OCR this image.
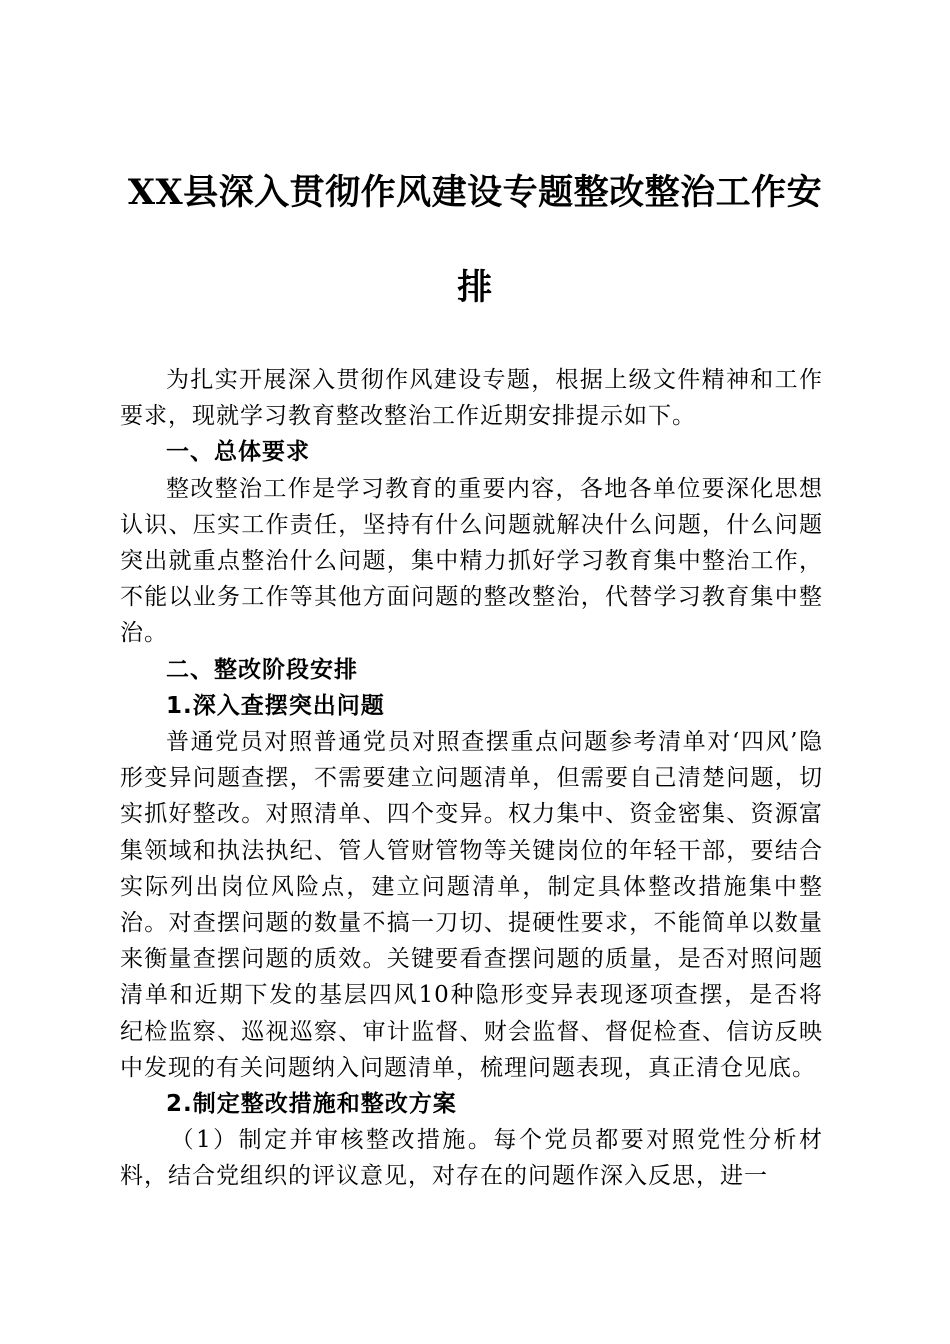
XX县深入贯彻作风建设专题整改整治工作安
排

为扎实开展深入贯彻作风建设专题，根据上级文件精神和工作要求，现就学习教育整改整治工作近期安排提示如下。

一、总体要求

整改整治工作是学习教育的重要内容，各地各单位要深化思想认识、压实工作责任，坚持有什么问题就解决什么问题，什么问题突出就重点整治什么问题，集中精力抓好学习教育集中整治工作，不能以业务工作等其他方面问题的整改整治，代替学习教育集中整治。

二、整改阶段安排

1.深入查摆突出问题

普通党员对照普通党员对照查摆重点问题参考清单对‘四风’隐形变异问题查摆，不需要建立问题清单，但需要自己清楚问题，切实抓好整改。对照清单、四个变异。权力集中、资金密集、资源富集领域和执法执纪、管人管财管物等关键岗位的年轻干部，要结合实际列出岗位风险点，建立问题清单，制定具体整改措施集中整治。对查摆问题的数量不搞一刀切、提硬性要求，不能简单以数量来衡量查摆问题的质效。关键要看查摆问题的质量，是否对照问题清单和近期下发的基层四风10种隐形变异表现逐项查摆，是否将纪检监察、巡视巡察、审计监督、财会监督、督促检查、信访反映中发现的有关问题纳入问题清单，梳理问题表现，真正清仓见底。

2.制定整改措施和整改方案

（1）制定并审核整改措施。每个党员都要对照党性分析材料，结合党组织的评议意见，对存在的问题作深入反思，进一
